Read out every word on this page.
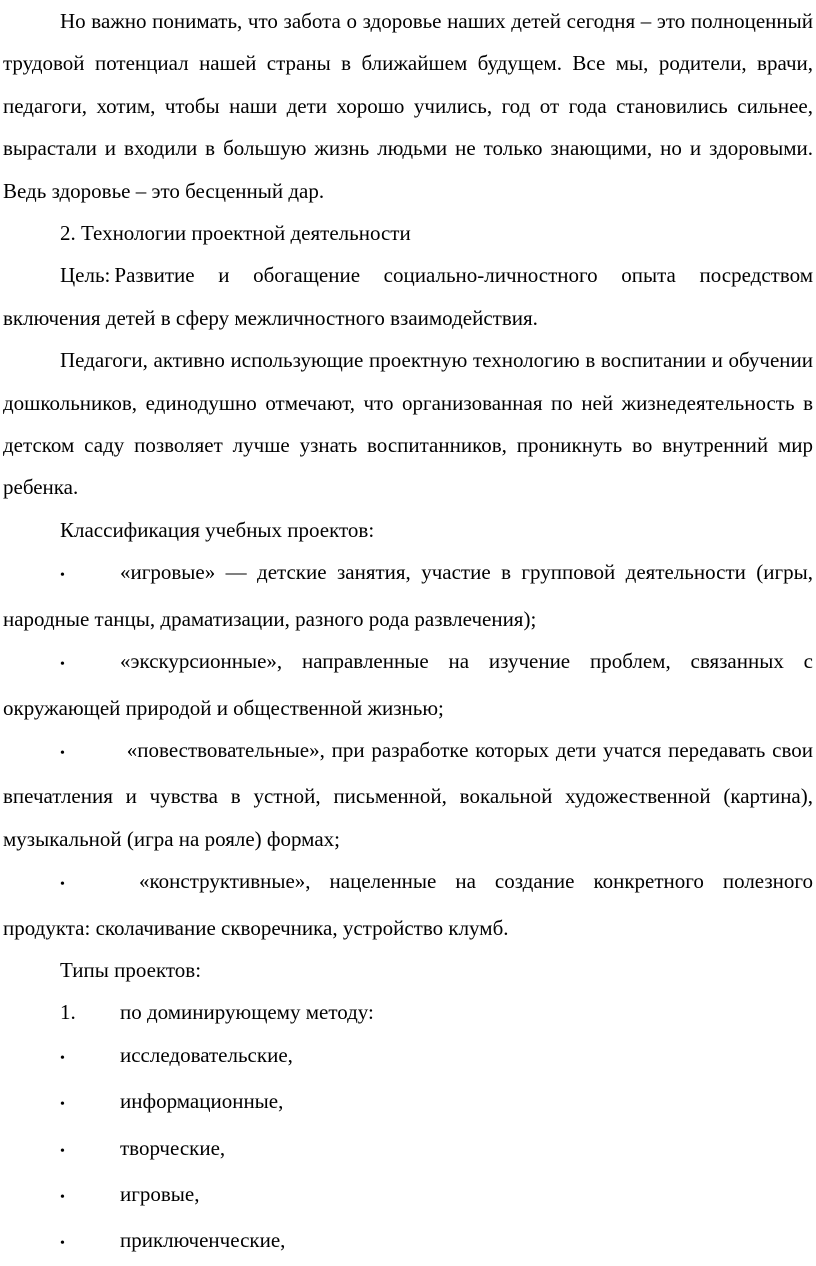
Но важно понимать, что забота о здоровье наших детей сегодня – это полноценный трудовой потенциал нашей страны в ближайшем будущем. Все мы, родители, врачи, педагоги, хотим, чтобы наши дети хорошо учились, год от года становились сильнее, вырастали и входили в большую жизнь людьми не только знающими, но и здоровыми. Ведь здоровье – это бесценный дар.

2. Технологии проектной деятельности

Цель: Развитие и обогащение социально-личностного опыта посредством включения детей в сферу межличностного взаимодействия.

Педагоги, активно использующие проектную технологию в воспитании и обучении дошкольников, единодушно отмечают, что организованная по ней жизнедеятельность в детском саду позволяет лучше узнать воспитанников, проникнуть во внутренний мир ребенка.

Классификация учебных проектов:

•	«игровые» — детские занятия, участие в групповой деятельности (игры, народные танцы, драматизации, разного рода развлечения);

•	«экскурсионные», направленные на изучение проблем, связанных с окружающей природой и общественной жизнью;

•	«повествовательные», при разработке которых дети учатся передавать свои впечатления и чувства в устной, письменной, вокальной художественной (картина), музыкальной (игра на рояле) формах;

•	«конструктивные», нацеленные на создание конкретного полезного продукта: сколачивание скворечника, устройство клумб.

Типы проектов:

1.	по доминирующему методу:
•	исследовательские,
•	информационные,
•	творческие,
•	игровые,
•	приключенческие,
